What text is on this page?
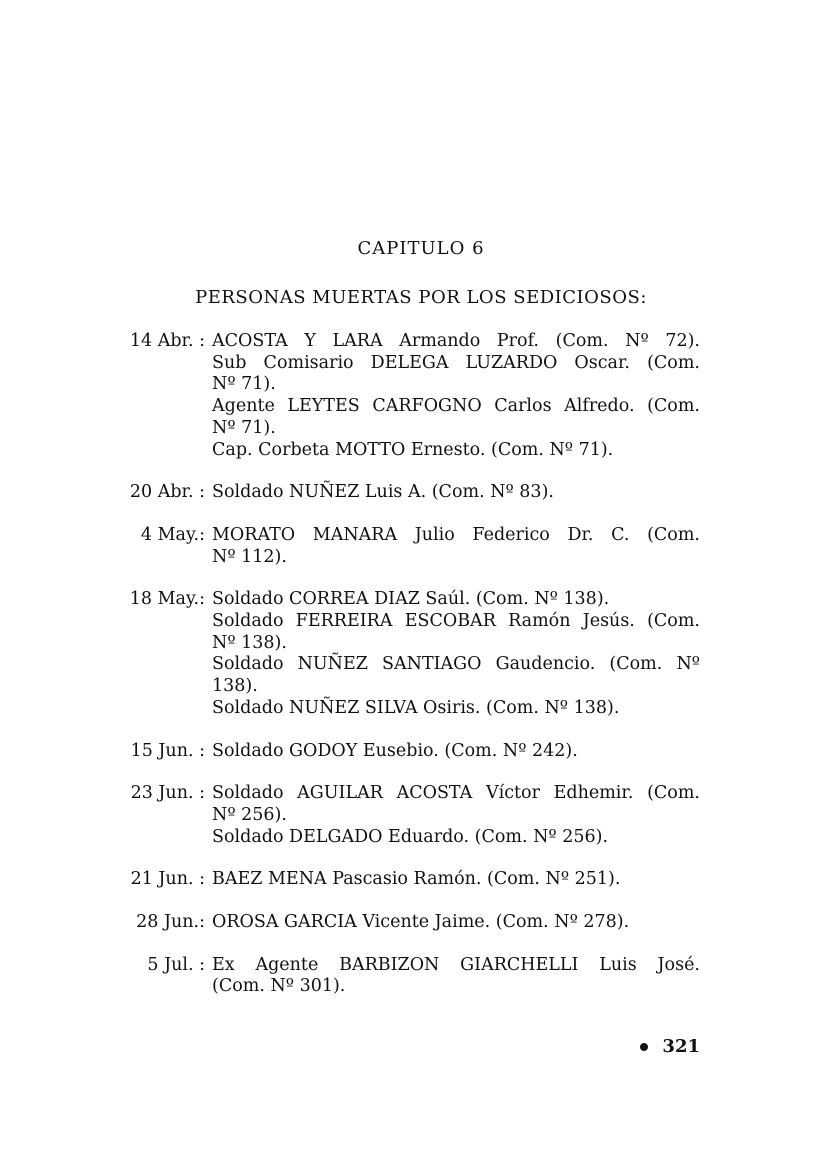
CAPITULO 6
PERSONAS MUERTAS POR LOS SEDICIOSOS:
14 Abr. : ACOSTA Y LARA Armando Prof. (Com. Nº 72).
Sub Comisario DELEGA LUZARDO Oscar. (Com.
Nº 71).
Agente LEYTES CARFOGNO Carlos Alfredo. (Com.
Nº 71).
Cap. Corbeta MOTTO Ernesto. (Com. Nº 71).
20 Abr. : Soldado NUÑEZ Luis A. (Com. Nº 83).
4 May.: MORATO MANARA Julio Federico Dr. C. (Com.
Nº 112).
18 May.: Soldado CORREA DIAZ Saúl. (Com. Nº 138).
Soldado FERREIRA ESCOBAR Ramón Jesús. (Com.
Nº 138).
Soldado NUÑEZ SANTIAGO Gaudencio. (Com. Nº
138).
Soldado NUÑEZ SILVA Osiris. (Com. Nº 138).
15 Jun. : Soldado GODOY Eusebio. (Com. Nº 242).
23 Jun. : Soldado AGUILAR ACOSTA Víctor Edhemir. (Com.
Nº 256).
Soldado DELGADO Eduardo. (Com. Nº 256).
21 Jun. : BAEZ MENA Pascasio Ramón. (Com. Nº 251).
28 Jun.: OROSA GARCIA Vicente Jaime. (Com. Nº 278).
5 Jul. : Ex Agente BARBIZON GIARCHELLI Luis José.
(Com. Nº 301).
321
